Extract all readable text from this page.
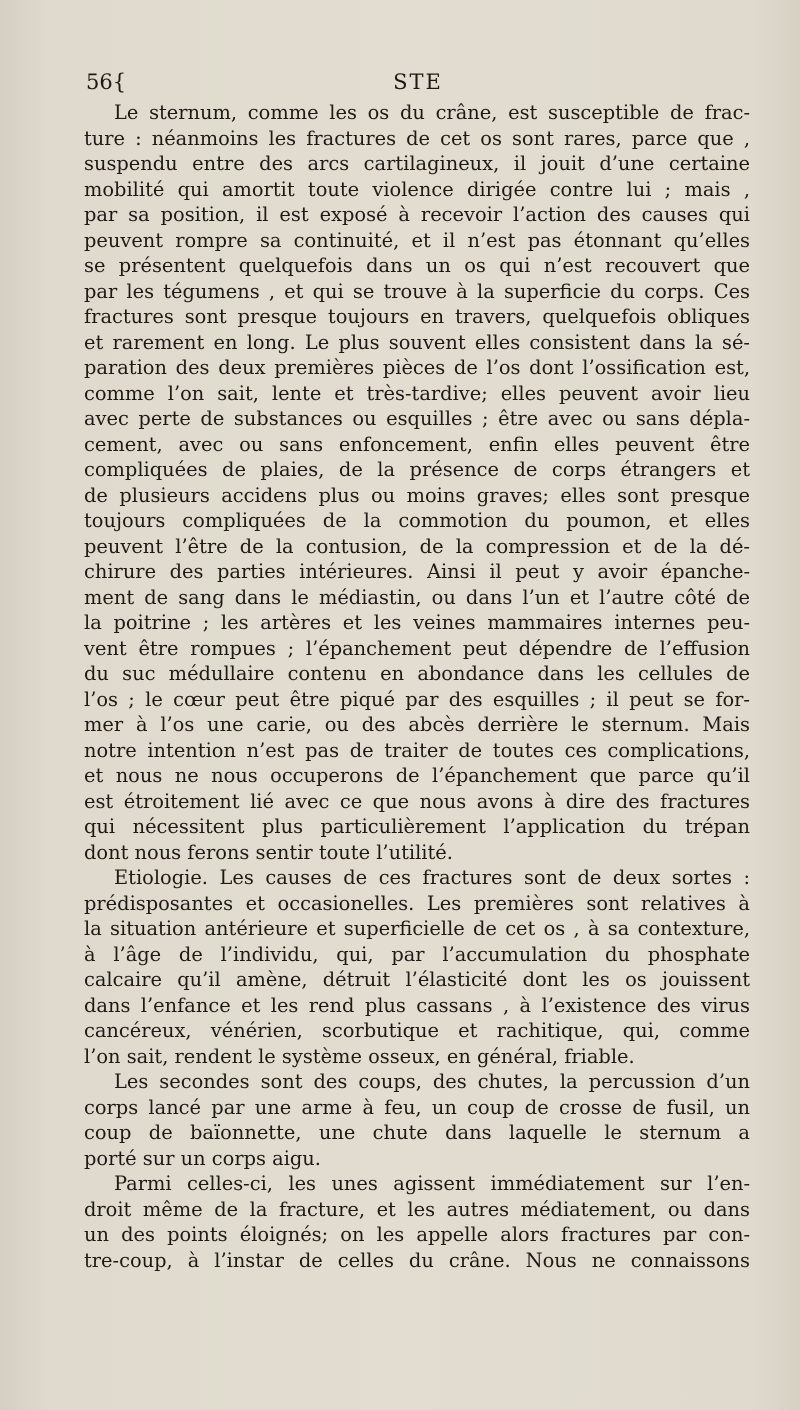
56{	STE
Le sternum, comme les os du crâne, est susceptible de frac-
ture : néanmoins les fractures de cet os sont rares, parce que ,
suspendu entre des arcs cartilagineux, il jouit d’une certaine
mobilité qui amortit toute violence dirigée contre lui ; mais ,
par sa position, il est exposé à recevoir l’action des causes qui
peuvent rompre sa continuité, et il n’est pas étonnant qu’elles
se présentent quelquefois dans un os qui n’est recouvert que
par les tégumens , et qui se trouve à la superficie du corps. Ces
fractures sont presque toujours en travers, quelquefois obliques
et rarement en long. Le plus souvent elles consistent dans la sé-
paration des deux premières pièces de l’os dont l’ossification est,
comme l’on sait, lente et très-tardive; elles peuvent avoir lieu
avec perte de substances ou esquilles ; être avec ou sans dépla-
cement, avec ou sans enfoncement, enfin elles peuvent être
compliquées de plaies, de la présence de corps étrangers et
de plusieurs accidens plus ou moins graves; elles sont presque
toujours compliquées de la commotion du poumon, et elles
peuvent l’être de la contusion, de la compression et de la dé-
chirure des parties intérieures. Ainsi il peut y avoir épanche-
ment de sang dans le médiastin, ou dans l’un et l’autre côté de
la poitrine ; les artères et les veines mammaires internes peu-
vent être rompues ; l’épanchement peut dépendre de l’effusion
du suc médullaire contenu en abondance dans les cellules de
l’os ; le cœur peut être piqué par des esquilles ; il peut se for-
mer à l’os une carie, ou des abcès derrière le sternum. Mais
notre intention n’est pas de traiter de toutes ces complications,
et nous ne nous occuperons de l’épanchement que parce qu’il
est étroitement lié avec ce que nous avons à dire des fractures
qui nécessitent plus particulièrement l’application du trépan
dont nous ferons sentir toute l’utilité.
Etiologie. Les causes de ces fractures sont de deux sortes :
prédisposantes et occasionelles. Les premières sont relatives à
la situation antérieure et superficielle de cet os , à sa contexture,
à l’âge de l’individu, qui, par l’accumulation du phosphate
calcaire qu’il amène, détruit l’élasticité dont les os jouissent
dans l’enfance et les rend plus cassans , à l’existence des virus
cancéreux, vénérien, scorbutique et rachitique, qui, comme
l’on sait, rendent le système osseux, en général, friable.
Les secondes sont des coups, des chutes, la percussion d’un
corps lancé par une arme à feu, un coup de crosse de fusil, un
coup de baïonnette, une chute dans laquelle le sternum a
porté sur un corps aigu.
Parmi celles-ci, les unes agissent immédiatement sur l’en-
droit même de la fracture, et les autres médiatement, ou dans
un des points éloignés; on les appelle alors fractures par con-
tre-coup, à l’instar de celles du crâne. Nous ne connaissons
